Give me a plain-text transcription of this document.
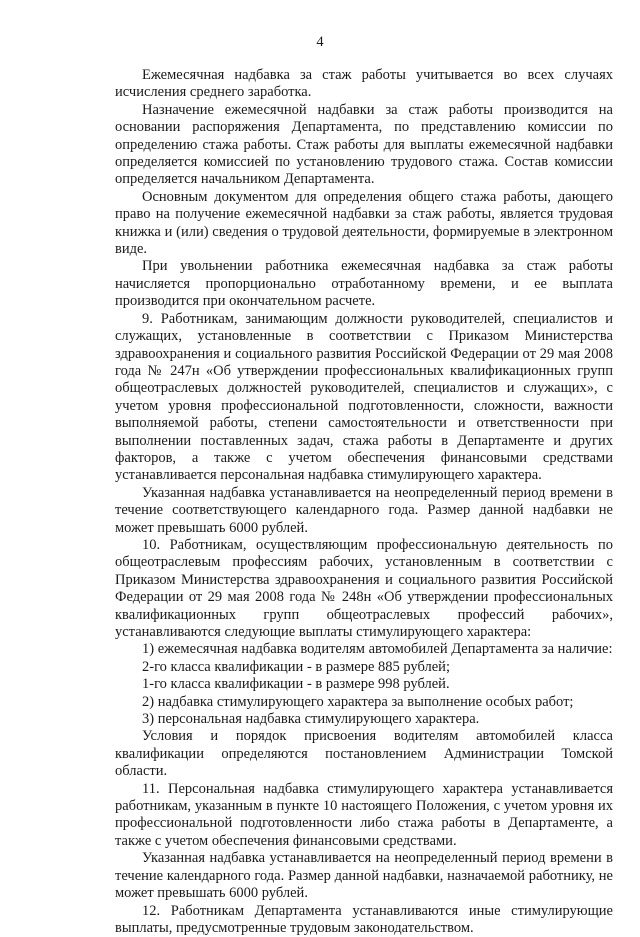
4

Ежемесячная надбавка за стаж работы учитывается во всех случаях исчисления среднего заработка.

Назначение ежемесячной надбавки за стаж работы производится на основании распоряжения Департамента, по представлению комиссии по определению стажа работы. Стаж работы для выплаты ежемесячной надбавки определяется комиссией по установлению трудового стажа. Состав комиссии определяется начальником Департамента.

Основным документом для определения общего стажа работы, дающего право на получение ежемесячной надбавки за стаж работы, является трудовая книжка и (или) сведения о трудовой деятельности, формируемые в электронном виде.

При увольнении работника ежемесячная надбавка за стаж работы начисляется пропорционально отработанному времени, и ее выплата производится при окончательном расчете.

9. Работникам, занимающим должности руководителей, специалистов и служащих, установленные в соответствии с Приказом Министерства здравоохранения и социального развития Российской Федерации от 29 мая 2008 года № 247н «Об утверждении профессиональных квалификационных групп общеотраслевых должностей руководителей, специалистов и служащих», с учетом уровня профессиональной подготовленности, сложности, важности выполняемой работы, степени самостоятельности и ответственности при выполнении поставленных задач, стажа работы в Департаменте и других факторов, а также с учетом обеспечения финансовыми средствами устанавливается персональная надбавка стимулирующего характера.

Указанная надбавка устанавливается на неопределенный период времени в течение соответствующего календарного года. Размер данной надбавки не может превышать 6000 рублей.

10. Работникам, осуществляющим профессиональную деятельность по общеотраслевым профессиям рабочих, установленным в соответствии с Приказом Министерства здравоохранения и социального развития Российской Федерации от 29 мая 2008 года № 248н «Об утверждении профессиональных квалификационных групп общеотраслевых профессий рабочих», устанавливаются следующие выплаты стимулирующего характера:

1) ежемесячная надбавка водителям автомобилей Департамента за наличие:

2-го класса квалификации - в размере 885 рублей;

1-го класса квалификации - в размере 998 рублей.

2) надбавка стимулирующего характера за выполнение особых работ;

3) персональная надбавка стимулирующего характера.

Условия и порядок присвоения водителям автомобилей класса квалификации определяются постановлением Администрации Томской области.

11. Персональная надбавка стимулирующего характера устанавливается работникам, указанным в пункте 10 настоящего Положения, с учетом уровня их профессиональной подготовленности либо стажа работы в Департаменте, а также с учетом обеспечения финансовыми средствами.

Указанная надбавка устанавливается на неопределенный период времени в течение календарного года. Размер данной надбавки, назначаемой работнику, не может превышать 6000 рублей.

12. Работникам Департамента устанавливаются иные стимулирующие выплаты, предусмотренные трудовым законодательством.
